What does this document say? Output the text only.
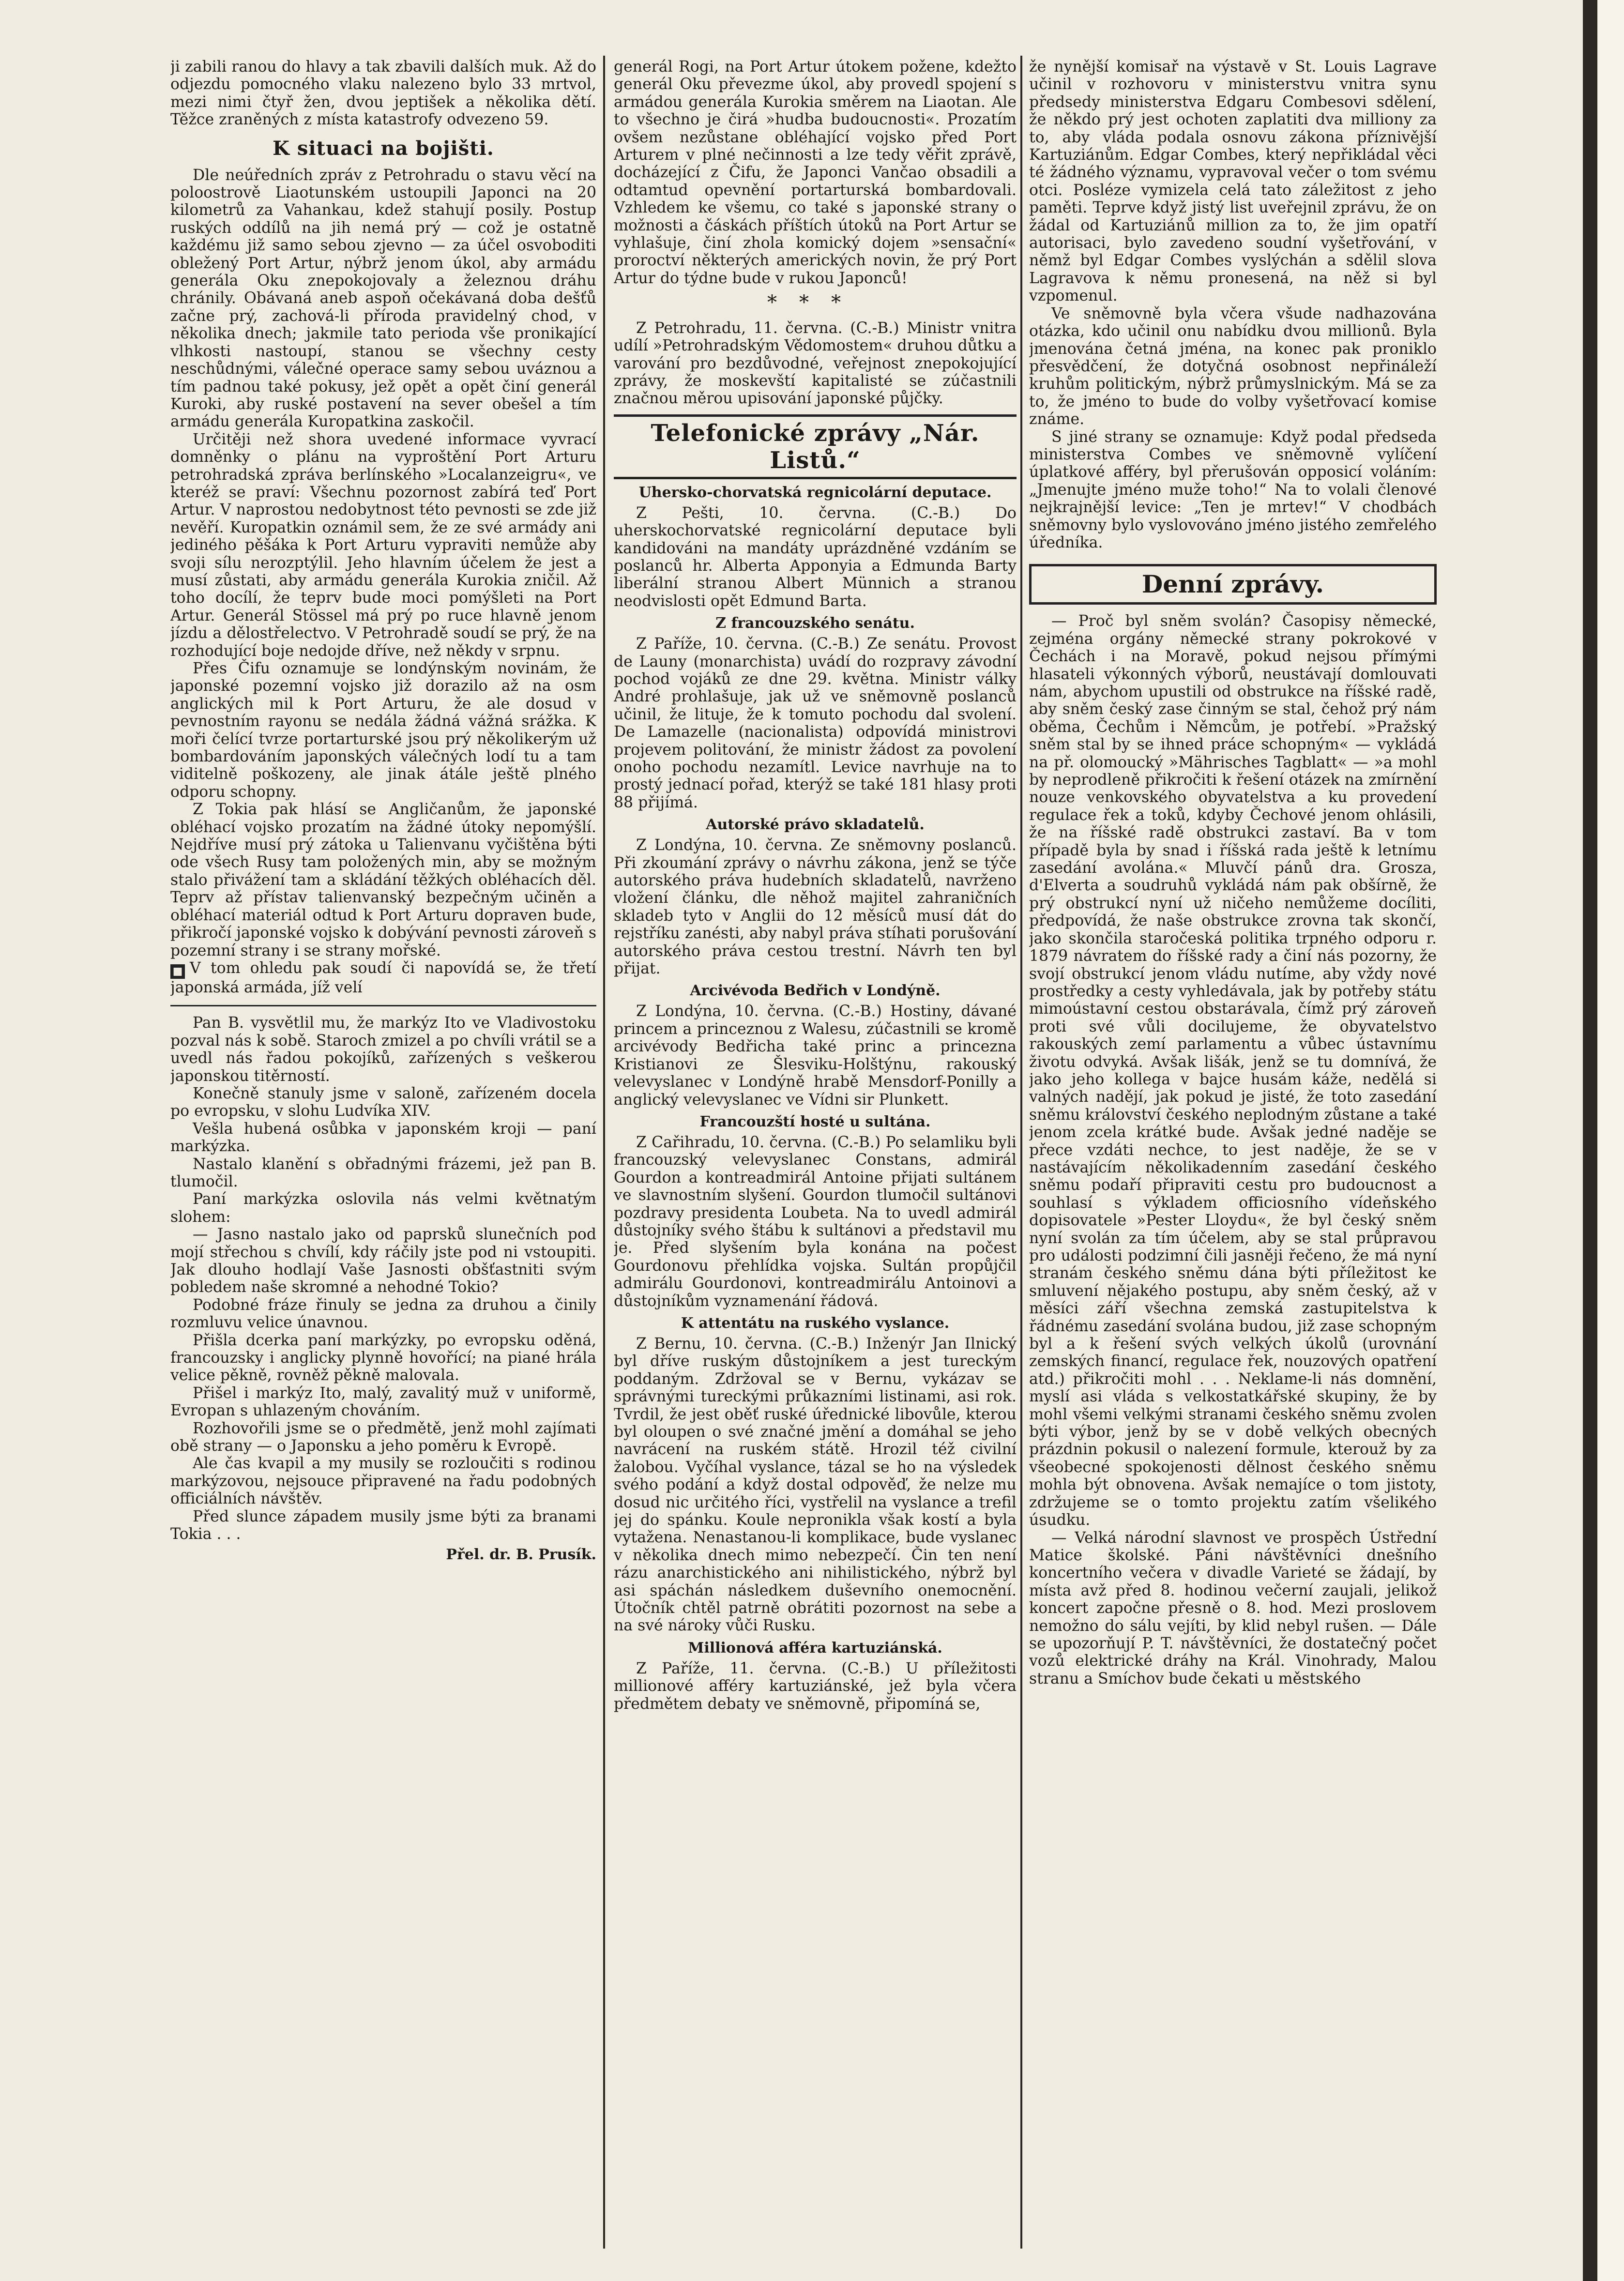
ji zabili ranou do hlavy a tak zbavili dalších muk. Až do odjezdu pomocného vlaku nalezeno bylo 33 mrtvol, mezi nimi čtyř žen, dvou jeptišek a několika dětí. Těžce zraněných z místa katastrofy odvezeno 59.

K situaci na bojišti.

Dle neúředních zpráv z Petrohradu o stavu věcí na poloostrově Liaotunském ustoupili Japonci na 20 kilometrů za Vahankau, kdež stahují posily. Postup ruských oddílů na jih nemá prý — což je ostatně každému již samo sebou zjevno — za účel osvoboditi obležený Port Artur, nýbrž jenom úkol, aby armádu generála Oku znepokojovaly a železnou dráhu chránily. Obávaná aneb aspoň očekávaná doba dešťů začne prý, zachová-li příroda pravidelný chod, v několika dnech; jakmile tato perioda vše pronikající vlhkosti nastoupí, stanou se všechny cesty neschůdnými, válečné operace samy sebou uváznou a tím padnou také pokusy, jež opět a opět činí generál Kuroki, aby ruské postavení na sever obešel a tím armádu generála Kuropatkina zaskočil.

Určitěji než shora uvedené informace vyvrací domněnky o plánu na vyproštění Port Arturu petrohradská zpráva berlínského »Localanzeigru«, ve kteréž se praví: Všechnu pozornost zabírá teď Port Artur. V naprostou nedobytnost této pevnosti se zde již nevěří. Kuropatkin oznámil sem, že ze své armády ani jediného pěšáka k Port Arturu vypraviti nemůže aby svoji sílu nerozptýlil. Jeho hlavním účelem že jest a musí zůstati, aby armádu generála Kurokia zničil. Až toho docílí, že teprv bude moci pomýšleti na Port Artur. Generál Stössel má prý po ruce hlavně jenom jízdu a dělostřelectvo. V Petrohradě soudí se prý, že na rozhodující boje nedojde dříve, než někdy v srpnu.

Přes Čifu oznamuje se londýnským novinám, že japonské pozemní vojsko již dorazilo až na osm anglických mil k Port Arturu, že ale dosud v pevnostním rayonu se nedála žádná vážná srážka. K moři čelící tvrze portarturské jsou prý několikerým už bombardováním japonských válečných lodí tu a tam viditelně poškozeny, ale jinak átále ještě plného odporu schopny.

Z Tokia pak hlásí se Angličanům, že japonské obléhací vojsko prozatím na žádné útoky nepomýšlí. Nejdříve musí prý zátoka u Talienvanu vyčištěna býti ode všech Rusy tam položených min, aby se možným stalo přivážení tam a skládání těžkých obléhacích děl. Teprv až přístav talienvanský bezpečným učiněn a obléhací materiál odtud k Port Arturu dopraven bude, přikročí japonské vojsko k dobývání pevnosti zároveň s pozemní strany i se strany mořské.

■ V tom ohledu pak soudí či napovídá se, že třetí japonská armáda, jíž velí

Pan B. vysvětlil mu, že markýz Ito ve Vladivostoku pozval nás k sobě. Staroch zmizel a po chvíli vrátil se a uvedl nás řadou pokojíků, zařízených s veškerou japonskou titěrností.

Konečně stanuly jsme v saloně, zařízeném docela po evropsku, v slohu Ludvíka XIV.

Vešla hubená osůbka v japonském kroji — paní markýzka.

Nastalo klanění s obřadnými frázemi, jež pan B. tlumočil.

Paní markýzka oslovila nás velmi květnatým slohem:

— Jasno nastalo jako od paprsků slunečních pod mojí střechou s chvílí, kdy ráčily jste pod ni vstoupiti. Jak dlouho hodlají Vaše Jasnosti obšťastniti svým pobledem naše skromné a nehodné Tokio?

Podobné fráze řinuly se jedna za druhou a činily rozmluvu velice únavnou.

Přišla dcerka paní markýzky, po evropsku oděná, francouzsky i anglicky plynně hovořící; na piané hrála velice pěkně, rovněž pěkně malovala.

Přišel i markýz Ito, malý, zavalitý muž v uniformě, Evropan s uhlazeným chováním.

Rozhovořili jsme se o předmětě, jenž mohl zajímati obě strany — o Japonsku a jeho poměru k Evropě.

Ale čas kvapil a my musily se rozloučiti s rodinou markýzovou, nejsouce připravené na řadu podobných officiálních návštěv.

Před slunce západem musily jsme býti za branami Tokia . . .

Přel. dr. B. Prusík.

generál Rogi, na Port Artur útokem požene, kdežto generál Oku převezme úkol, aby provedl spojení s armádou generála Kurokia směrem na Liaotan. Ale to všechno je čirá »hudba budoucnosti«. Prozatím ovšem nezůstane obléhající vojsko před Port Arturem v plné nečinnosti a lze tedy věřit zprávě, docházející z Čifu, že Japonci Vančao obsadili a odtamtud opevnění portarturská bombardovali. Vzhledem ke všemu, co také s japonské strany o možnosti a čáskách příštích útoků na Port Artur se vyhlašuje, činí zhola komický dojem »sensační« proroctví některých amerických novin, že prý Port Artur do týdne bude v rukou Japonců!

***

Z Petrohradu, 11. června. (C.-B.) Ministr vnitra udílí »Petrohradským Vědomostem« druhou důtku a varování pro bezdůvodné, veřejnost znepokojující zprávy, že moskevští kapitalisté se zúčastnili značnou měrou upisování japonské půjčky.

Telefonické zprávy „Nár. Listů.“
Uhersko-chorvatská regnicolární deputace.

Z Pešti, 10. června. (C.-B.) Do uherskochorvatské regnicolární deputace byli kandidováni na mandáty uprázdněné vzdáním se poslanců hr. Alberta Apponyia a Edmunda Barty liberální stranou Albert Münnich a stranou neodvislosti opět Edmund Barta.

Z francouzského senátu.

Z Paříže, 10. června. (C.-B.) Ze senátu. Provost de Launy (monarchista) uvádí do rozpravy závodní pochod vojáků ze dne 29. května. Ministr války André prohlašuje, jak už ve sněmovně poslanců učinil, že litujе, že k tomuto pochodu dal svolení. De Lamazelle (nacionalista) odpovídá ministrovi projevem politování, že ministr žádost za povolení onoho pochodu nezamítl. Levice navrhuje na to prostý jednací pořad, kterýž se také 181 hlasy proti 88 přijímá.

Autorské právo skladatelů.

Z Londýna, 10. června. Ze sněmovny poslanců. Při zkoumání zprávy o návrhu zákona, jenž se týče autorského práva hudebních skladatelů, navrženo vložení článku, dle něhož majitel zahraničních skladeb tyto v Anglii do 12 měsíců musí dát do rejstříku zanésti, aby nabyl práva stíhati porušování autorského práva cestou trestní. Návrh ten byl přijat.

Arcivévoda Bedřich v Londýně.

Z Londýna, 10. června. (C.-B.) Hostiny, dávané princem a princeznou z Walesu, zúčastnili se kromě arcivévody Bedřicha také princ a princezna Kristianovi ze Šlesviku-Holštýnu, rakouský velevyslanec v Londýně hrabě Mensdorf-Ponilly a anglický velevyslanec ve Vídni sir Plunkett.

Francouzští hosté u sultána.

Z Cařihradu, 10. června. (C.-B.) Po selamliku byli francouzský velevyslanec Constans, admirál Gourdon a kontreadmirál Antoine přijati sultánem ve slavnostním slyšení. Gourdon tlumočil sultánovi pozdravy presidenta Loubeta. Na to uvedl admirál důstojníky svého štábu k sultánovi a představil mu je. Před slyšením byla konána na počest Gourdonovu přehlídka vojska. Sultán propůjčil admirálu Gourdonovi, kontreadmirálu Antoinovi a důstojníkům vyznamenání řádová.

K attentátu na ruského vyslance.

Z Bernu, 10. června. (C.-B.) Inženýr Jan Ilnický byl dříve ruským důstojníkem a jest tureckým poddaným. Zdržoval se v Bernu, vykázav se správnými tureckými průkazními listinami, asi rok. Tvrdil, že jest oběť ruské úřednické libovůle, kterou byl oloupen o své značné jmění a domáhal se jeho navrácení na ruském státě. Hrozil též civilní žalobou. Vyčíhal vyslance, tázal se ho na výsledek svého podání a když dostal odpověď, že nelze mu dosud nic určitého říci, vystřelil na vyslance a trefil jej do spánku. Koule nepronikla však kostí a byla vytažena. Nenastanou-li komplikace, bude vyslanec v několika dnech mimo nebezpečí. Čin ten není rázu anarchistického ani nihilistického, nýbrž byl asi spáchán následkem duševního onemocnění. Útočník chtěl patrně obrátiti pozornost na sebe a na své nároky vůči Rusku.

Millionová afféra kartuziánská.

Z Paříže, 11. června. (C.-B.) U příležitosti millionové afféry kartuziánské, jež byla včera předmětem debaty ve sněmovně, připomíná se,

že nynější komisař na výstavě v St. Louis Lagrave učinil v rozhovoru v ministerstvu vnitra synu předsedy ministerstva Edgaru Combesovi sdělení, že někdo prý jest ochoten zaplatiti dva milliony za to, aby vláda podala osnovu zákona příznivější Kartuziánům. Edgar Combes, který nepřikládal věci té žádného významu, vypravoval večer o tom svému otci. Posléze vymizela celá tato záležitost z jeho paměti. Teprve když jistý list uveřejnil zprávu, že on žádal od Kartuziánů million za to, že jim opatří autorisaci, bylo zavedeno soudní vyšetřování, v němž byl Edgar Combes vyslýchán a sdělil slova Lagravova k němu pronesená, na něž si byl vzpomenul.

Ve sněmovně byla včera všude nadhazována otázka, kdo učinil onu nabídku dvou millionů. Byla jmenována četná jména, na konec pak proniklo přesvědčení, že dotyčná osobnost nepřináleží kruhům politickým, nýbrž průmyslnickým. Má se za to, že jméno to bude do volby vyšetřovací komise známe.

S jiné strany se oznamuje: Když podal předseda ministerstva Combes ve sněmovně vylíčení úplatkové afféry, byl přerušován opposicí voláním: „Jmenujte jméno muže toho!“ Na to volali členové nejkrajnější levice: „Ten je mrtev!“ V chodbách sněmovny bylo vyslovováno jméno jistého zemřelého úředníka.

Denní zprávy.

— Proč byl sněm svolán? Časopisy německé, zejména orgány německé strany pokrokové v Čechách i na Moravě, pokud nejsou přímými hlasateli výkonných výborů, neustávají domlouvati nám, abychom upustili od obstrukce na říšské radě, aby sněm český zase činným se stal, čehož prý nám oběma, Čechům i Němcům, je potřebí. »Pražský sněm stal by se ihned práce schopným« — vykládá na př. olomoucký »Mährisches Tagblatt« — »a mohl by neprodleně přikročiti k řešení otázek na zmírnění nouze venkovského obyvatelstva a ku provedení regulace řek a toků, kdyby Čechové jenom ohlásili, že na říšské radě obstrukci zastaví. Ba v tom případě byla by snad i říšská rada ještě k letnímu zasedání avolána.« Mluvčí pánů dra. Grosza, d'Elverta a soudruhů vykládá nám pak obšírně, že prý obstrukcí nyní už ničeho nemůžeme docíliti, předpovídá, že naše obstrukce zrovna tak skončí, jako skončila staročeská politika trpného odporu r. 1879 návratem do říšské rady a činí nás pozorny, že svojí obstrukcí jenom vládu nutíme, aby vždy nové prostředky a cesty vyhledávala, jak by potřeby státu mimoústavní cestou obstarávala, čímž prý zároveň proti své vůli docilujeme, že obyvatelstvo rakouských zemí parlamentu a vůbec ústavnímu životu odvyká. Avšak lišák, jenž se tu domnívá, že jako jeho kollega v bajce husám káže, nedělá si valných nadějí, jak pokud je jisté, že toto zasedání sněmu království českého neplodným zůstane a také jenom zcela krátké bude. Avšak jedné naděje se přece vzdáti nechce, to jest naděje, že se v nastávajícím několikadenním zasedání českého sněmu podaří připraviti cestu pro budoucnost a souhlasí s výkladem officiosního vídeňského dopisovatele »Pester Lloydu«, že byl český sněm nyní svolán za tím účelem, aby se stal průpravou pro události podzimní čili jasněji řečeno, že má nyní stranám českého sněmu dána býti příležitost ke smluvení nějakého postupu, aby sněm český, až v měsíci září všechna zemská zastupitelstva k řádnému zasedání svolána budou, již zase schopným byl a k řešení svých velkých úkolů (urovnání zemských financí, regulace řek, nouzových opatření atd.) přikročiti mohl . . . Neklame-li nás domnění, myslí asi vláda s velkostatkářské skupiny, že by mohl všemi velkými stranami českého sněmu zvolen býti výbor, jenž by se v době velkých obecných prázdnin pokusil o nalezení formule, kterouž by za všeobecné spokojenosti dělnost českého sněmu mohla být obnovena. Avšak nemajíce o tom jistoty, zdržujeme se o tomto projektu zatím všelikého úsudku.

— Velká národní slavnost ve prospěch Ústřední Matice školské. Páni návštěvníci dnešního koncertního večera v divadle Varieté se žádají, by místa avž před 8. hodinou večerní zaujali, jelikož koncert započne přesně o 8. hod. Mezi proslovem nemožno do sálu vejíti, by klid nebyl rušen. — Dále se upozorňují P. T. návštěvníci, že dostatečný počet vozů elektrické dráhy na Král. Vinohrady, Malou stranu a Smíchov bude čekati u městského
